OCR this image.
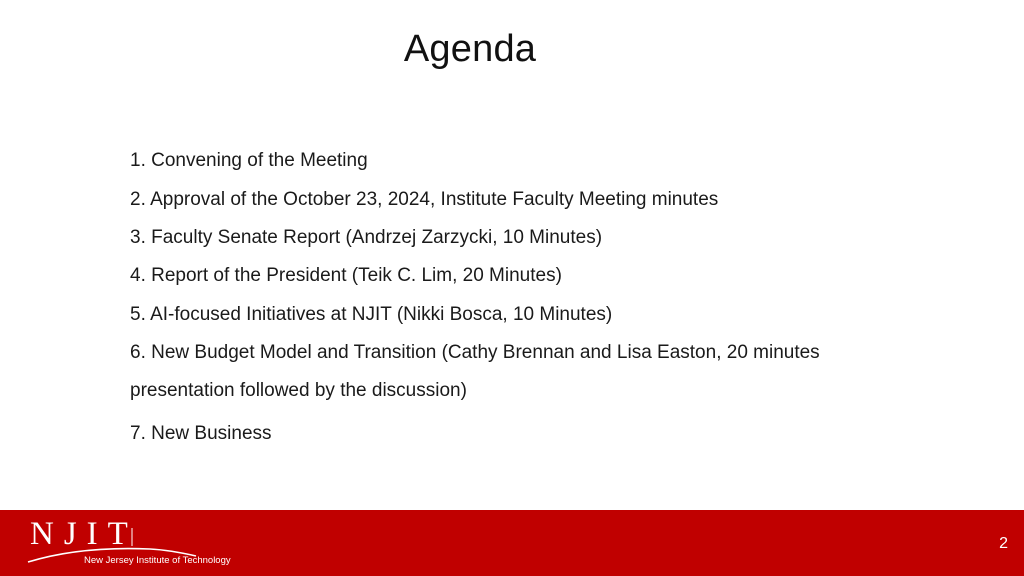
Agenda
1. Convening of the Meeting
2. Approval of the October 23, 2024, Institute Faculty Meeting minutes
3. Faculty Senate Report (Andrzej Zarzycki, 10 Minutes)
4. Report of the President (Teik C. Lim, 20 Minutes)
5. AI-focused Initiatives at NJIT (Nikki Bosca, 10 Minutes)
6. New Budget Model and Transition (Cathy Brennan and Lisa Easton, 20 minutes
presentation followed by the discussion)
7. New Business
NJIT
New Jersey Institute of Technology
2
